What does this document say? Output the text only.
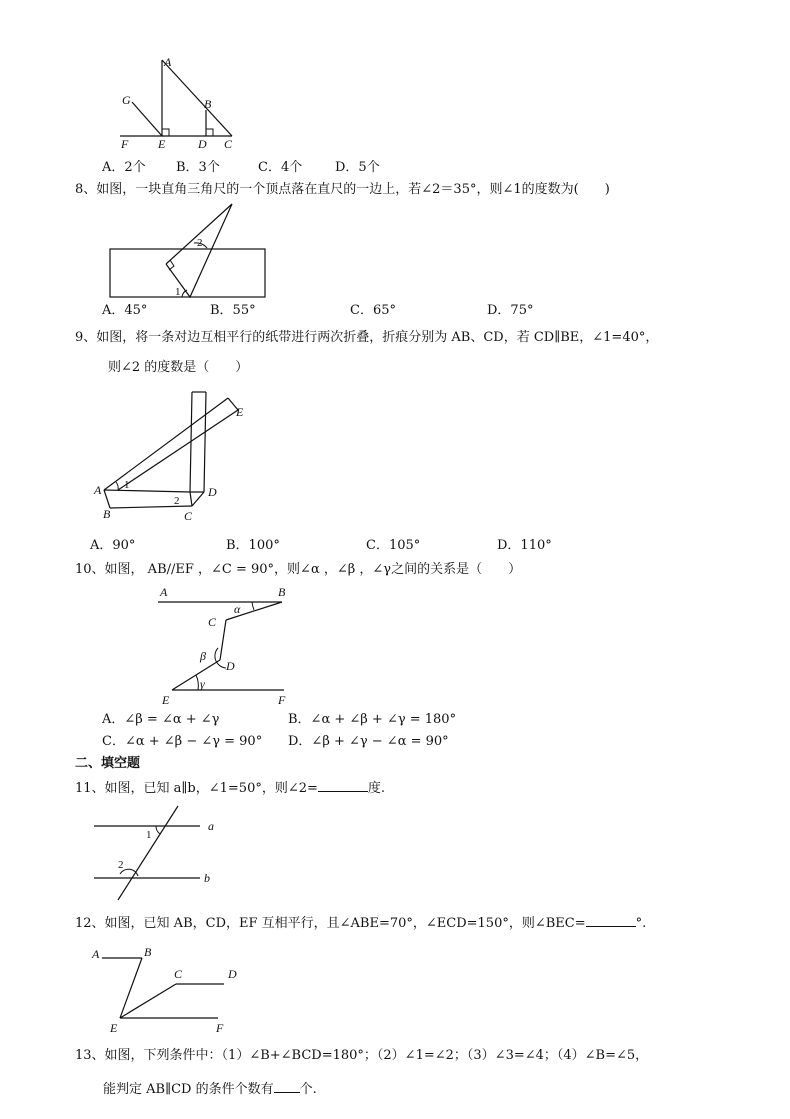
A
G	B
F E	D C
A．2个 B．3个	C．4个	D．5个
8、如图，一块直角三角尺的一个顶点落在直尺的一边上，若∠2＝35°，则∠1的度数为(　　)
2
1
A．45°	B．55°	C．65°	D．75°
9、如图，将一条对边互相平行的纸带进行两次折叠，折痕分别为 AB、CD，若 CD∥BE，∠1=40°，
则∠2 的度数是（　　）
A
B	C
D
E
1
2
A．90°	B．100°	C．105°	D．110°
10、如图， AB//EF ，∠C = 90°，则∠α ，∠β ，∠γ之间的关系是（　　）
A	B
α
C
β
D
γ
E	F
A．∠β = ∠α + ∠γ	B．∠α + ∠β + ∠γ = 180°
C．∠α + ∠β − ∠γ = 90° D．∠β + ∠γ − ∠α = 90°
二、填空题
11、如图，已知 a∥b，∠1=50°，则∠2=	度.
1
2
a
b
12、如图，已知 AB，CD，EF 互相平行，且∠ABE=70°，∠ECD=150°，则∠BEC=	°.
A	B
C	D
E	F
13、如图，下列条件中：（1）∠B+∠BCD=180°；（2）∠1=∠2；（3）∠3=∠4；（4）∠B=∠5，
能判定 AB∥CD 的条件个数有 个.
